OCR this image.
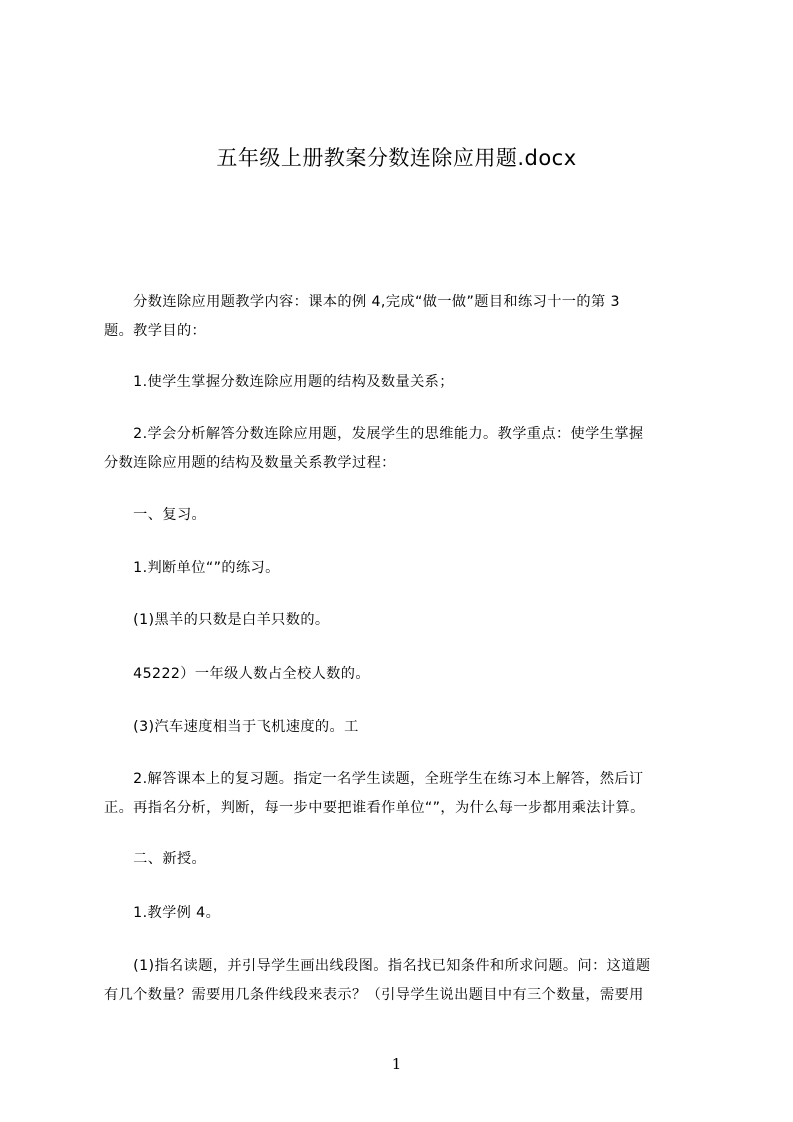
五年级上册教案分数连除应用题.docx
　　分数连除应用题教学内容：课本的例 4,完成“做一做”题目和练习十一的第 3
题。教学目的：
　　1.使学生掌握分数连除应用题的结构及数量关系；
　　2.学会分析解答分数连除应用题，发展学生的思维能力。教学重点：使学生掌握
分数连除应用题的结构及数量关系教学过程：
　　一、复习。
　　1.判断单位“”的练习。
　　(1)黑羊的只数是白羊只数的。
　　45222）一年级人数占全校人数的。
　　(3)汽车速度相当于飞机速度的。工
　　2.解答课本上的复习题。指定一名学生读题，全班学生在练习本上解答，然后订
正。再指名分析，判断，每一步中要把谁看作单位“”，为什么每一步都用乘法计算。
　　二、新授。
　　1.教学例 4。
　　(1)指名读题，并引导学生画出线段图。指名找已知条件和所求问题。问：这道题
有几个数量？需要用几条件线段来表示？（引导学生说出题目中有三个数量，需要用
1
